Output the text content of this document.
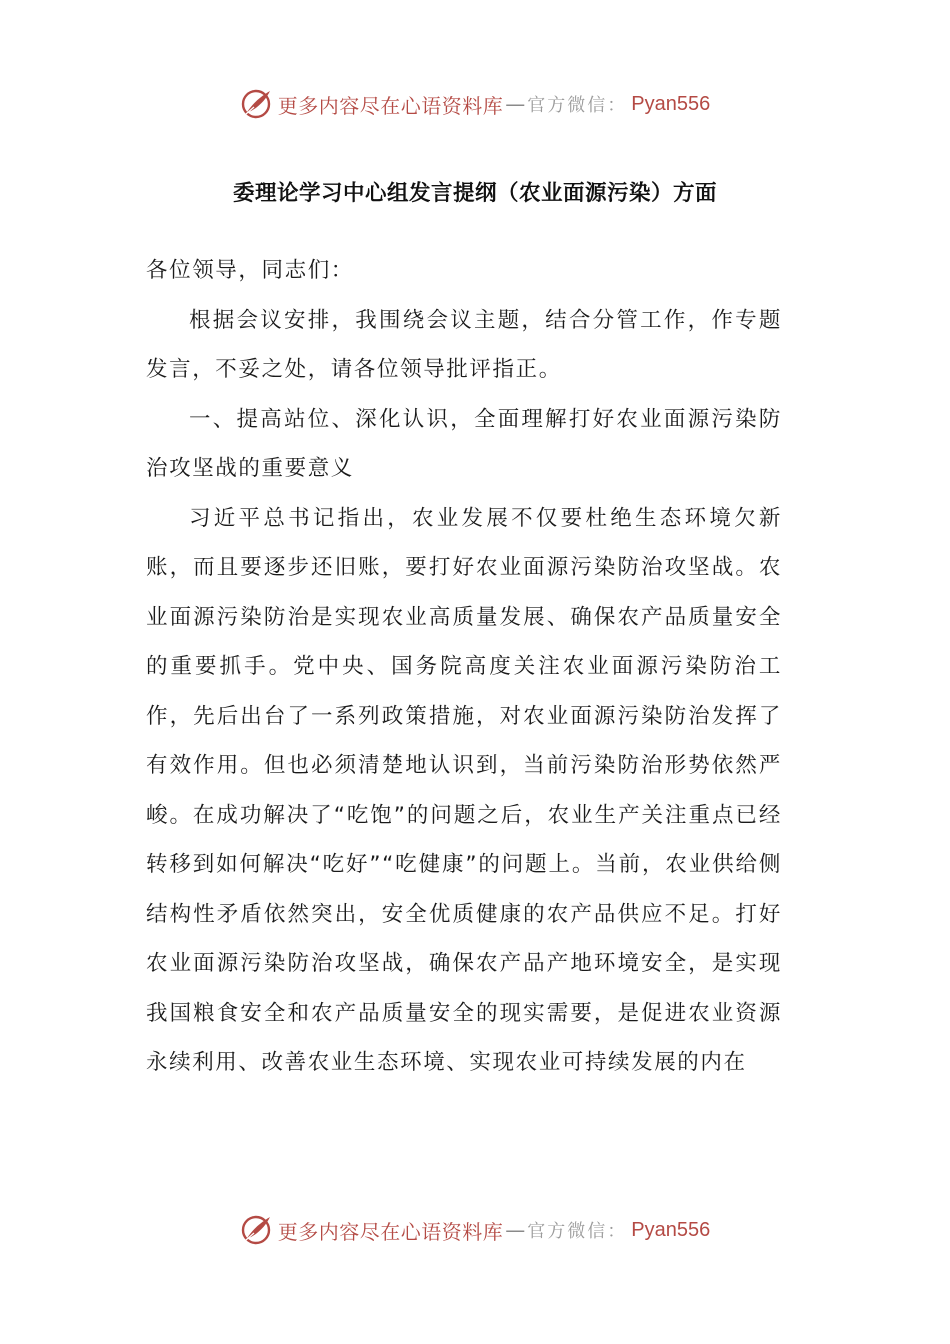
更多内容尽在心语资料库 — 官方微信： Pyan556
委理论学习中心组发言提纲（农业面源污染）方面

各位领导，同志们：

根据会议安排，我围绕会议主题，结合分管工作，作专题发言，不妥之处，请各位领导批评指正。

一、提高站位、深化认识，全面理解打好农业面源污染防治攻坚战的重要意义

习近平总书记指出，农业发展不仅要杜绝生态环境欠新账，而且要逐步还旧账，要打好农业面源污染防治攻坚战。农业面源污染防治是实现农业高质量发展、确保农产品质量安全的重要抓手。党中央、国务院高度关注农业面源污染防治工作，先后出台了一系列政策措施，对农业面源污染防治发挥了有效作用。但也必须清楚地认识到，当前污染防治形势依然严峻。在成功解决了“吃饱”的问题之后，农业生产关注重点已经转移到如何解决“吃好”“吃健康”的问题上。当前，农业供给侧结构性矛盾依然突出，安全优质健康的农产品供应不足。打好农业面源污染防治攻坚战，确保农产品产地环境安全，是实现我国粮食安全和农产品质量安全的现实需要，是促进农业资源永续利用、改善农业生态环境、实现农业可持续发展的内在

更多内容尽在心语资料库 — 官方微信： Pyan556
